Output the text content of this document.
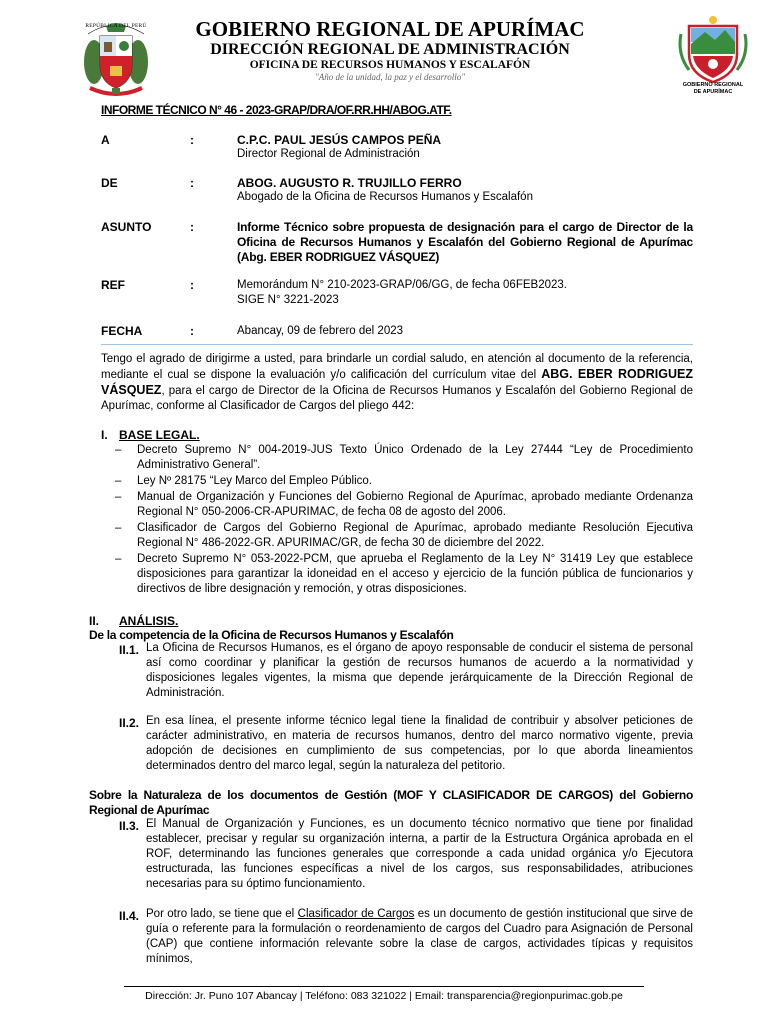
REPÚBLICA DEL PERÚ	GOBIERNO REGIONAL DE APURÍMAC
DIRECCIÓN REGIONAL DE ADMINISTRACIÓN
OFICINA DE RECURSOS HUMANOS Y ESCALAFÓN
"Año de la unidad, la paz y el desarrollo"
GOBIERNO REGIONAL DE APURÍMAC
INFORME TÉCNICO N° 46 - 2023-GRAP/DRA/OF.RR.HH/ABOG.ATF.
A	:	C.P.C. PAUL JESÚS CAMPOS PEÑA
Director Regional de Administración
DE	:	ABOG. AUGUSTO R. TRUJILLO FERRO
Abogado de la Oficina de Recursos Humanos y Escalafón
ASUNTO	:	Informe Técnico sobre propuesta de designación para el cargo de Director de la Oficina de Recursos Humanos y Escalafón del Gobierno Regional de Apurímac (Abg. EBER RODRIGUEZ VÁSQUEZ)
REF	:	Memorándum N° 210-2023-GRAP/06/GG, de fecha 06FEB2023.
SIGE N° 3221-2023
FECHA	:	Abancay, 09 de febrero del 2023
Tengo el agrado de dirigirme a usted, para brindarle un cordial saludo, en atención al documento de la referencia, mediante el cual se dispone la evaluación y/o calificación del currículum vitae del ABG. EBER RODRIGUEZ VÁSQUEZ, para el cargo de Director de la Oficina de Recursos Humanos y Escalafón del Gobierno Regional de Apurímac, conforme al Clasificador de Cargos del pliego 442:
I. BASE LEGAL.
‒ Decreto Supremo N° 004-2019-JUS Texto Único Ordenado de la Ley 27444 “Ley de Procedimiento Administrativo General”.
‒ Ley Nº 28175 “Ley Marco del Empleo Público.
‒ Manual de Organización y Funciones del Gobierno Regional de Apurímac, aprobado mediante Ordenanza Regional N° 050-2006-CR-APURIMAC, de fecha 08 de agosto del 2006.
‒ Clasificador de Cargos del Gobierno Regional de Apurímac, aprobado mediante Resolución Ejecutiva Regional N° 486-2022-GR. APURIMAC/GR, de fecha 30 de diciembre del 2022.
‒ Decreto Supremo N° 053-2022-PCM, que aprueba el Reglamento de la Ley N° 31419 Ley que establece disposiciones para garantizar la idoneidad en el acceso y ejercicio de la función pública de funcionarios y directivos de libre designación y remoción, y otras disposiciones.
II. ANÁLISIS.
De la competencia de la Oficina de Recursos Humanos y Escalafón
II.1. La Oficina de Recursos Humanos, es el órgano de apoyo responsable de conducir el sistema de personal así como coordinar y planificar la gestión de recursos humanos de acuerdo a la normatividad y disposiciones legales vigentes, la misma que depende jerárquicamente de la Dirección Regional de Administración.
II.2. En esa línea, el presente informe técnico legal tiene la finalidad de contribuir y absolver peticiones de carácter administrativo, en materia de recursos humanos, dentro del marco normativo vigente, previa adopción de decisiones en cumplimiento de sus competencias, por lo que aborda lineamientos determinados dentro del marco legal, según la naturaleza del petitorio.
Sobre la Naturaleza de los documentos de Gestión (MOF Y CLASIFICADOR DE CARGOS) del Gobierno Regional de Apurímac
II.3. El Manual de Organización y Funciones, es un documento técnico normativo que tiene por finalidad establecer, precisar y regular su organización interna, a partir de la Estructura Orgánica aprobada en el ROF, determinando las funciones generales que corresponde a cada unidad orgánica y/o Ejecutora estructurada, las funciones específicas a nivel de los cargos, sus responsabilidades, atribuciones necesarias para su óptimo funcionamiento.
II.4. Por otro lado, se tiene que el Clasificador de Cargos es un documento de gestión institucional que sirve de guía o referente para la formulación o reordenamiento de cargos del Cuadro para Asignación de Personal (CAP) que contiene información relevante sobre la clase de cargos, actividades típicas y requisitos mínimos,
Dirección: Jr. Puno 107 Abancay | Teléfono: 083 321022 | Email: transparencia@regionpurimac.gob.pe
